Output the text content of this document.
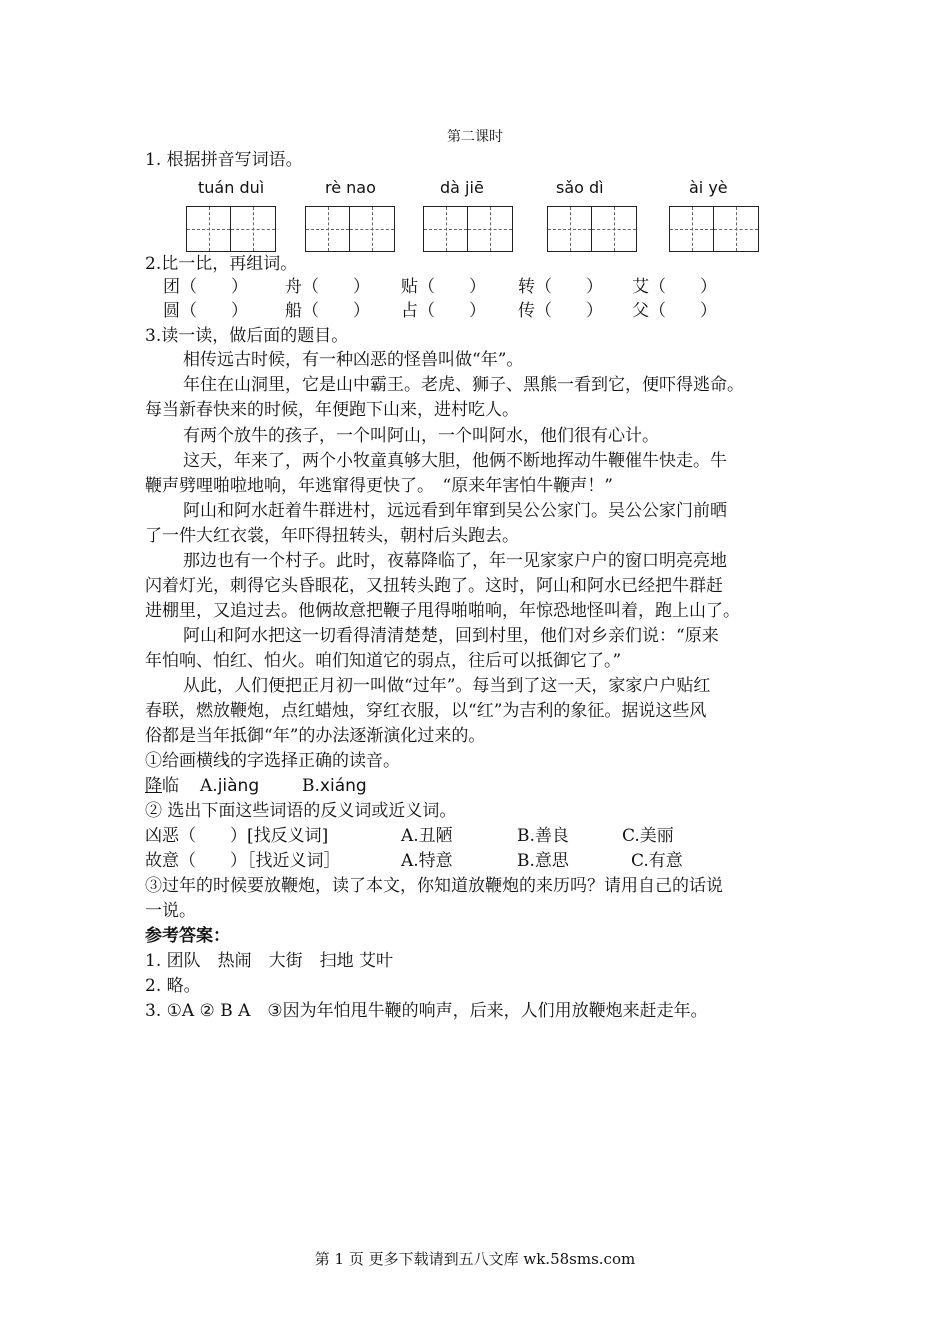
第二课时
1. 根据拼音写词语。
tuán duì	rè nao	dà jiē	sǎo dì	ài yè
2.比一比，再组词。
团（　　） 舟（　　） 贴（　　） 转（　　） 艾（　　）
圆（　　） 船（　　） 占（　　） 传（　　） 父（　　）
3.读一读，做后面的题目。
相传远古时候，有一种凶恶的怪兽叫做“年”。
年住在山洞里，它是山中霸王。老虎、狮子、黑熊一看到它，便吓得逃命。
每当新春快来的时候，年便跑下山来，进村吃人。
有两个放牛的孩子，一个叫阿山，一个叫阿水，他们很有心计。
这天，年来了，两个小牧童真够大胆，他俩不断地挥动牛鞭催牛快走。牛
鞭声劈哩啪啦地响，年逃窜得更快了。　“原来年害怕牛鞭声！”
阿山和阿水赶着牛群进村，远远看到年窜到吴公公家门。吴公公家门前晒
了一件大红衣裳，年吓得扭转头，朝村后头跑去。
那边也有一个村子。此时，夜幕降临了，年一见家家户户的窗口明亮亮地
闪着灯光，刺得它头昏眼花，又扭转头跑了。这时，阿山和阿水已经把牛群赶
进棚里，又追过去。他俩故意把鞭子甩得啪啪响，年惊恐地怪叫着，跑上山了。
阿山和阿水把这一切看得清清楚楚，回到村里，他们对乡亲们说：“原来
年怕响、怕红、怕火。咱们知道它的弱点，往后可以抵御它了。”
从此，人们便把正月初一叫做“过年”。每当到了这一天，家家户户贴红
春联，燃放鞭炮，点红蜡烛，穿红衣服，以“红”为吉利的象征。据说这些风
俗都是当年抵御“年”的办法逐渐演化过来的。
①给画横线的字选择正确的读音。
降临 A.jiàng	B.xiáng
② 选出下面这些词语的反义词或近义词。
凶恶（　　）[找反义词]	A.丑陋	B.善良	C.美丽
故意（　　）［找近义词］	A.特意	B.意思	C.有意
③过年的时候要放鞭炮，读了本文，你知道放鞭炮的来历吗？请用自己的话说
一说。
参考答案：
1. 团队　热闹　大街　扫地 艾叶
2. 略。
3. ①A ② B A　③因为年怕甩牛鞭的响声，后来，人们用放鞭炮来赶走年。
第 1 页 更多下载请到五八文库 wk.58sms.com
